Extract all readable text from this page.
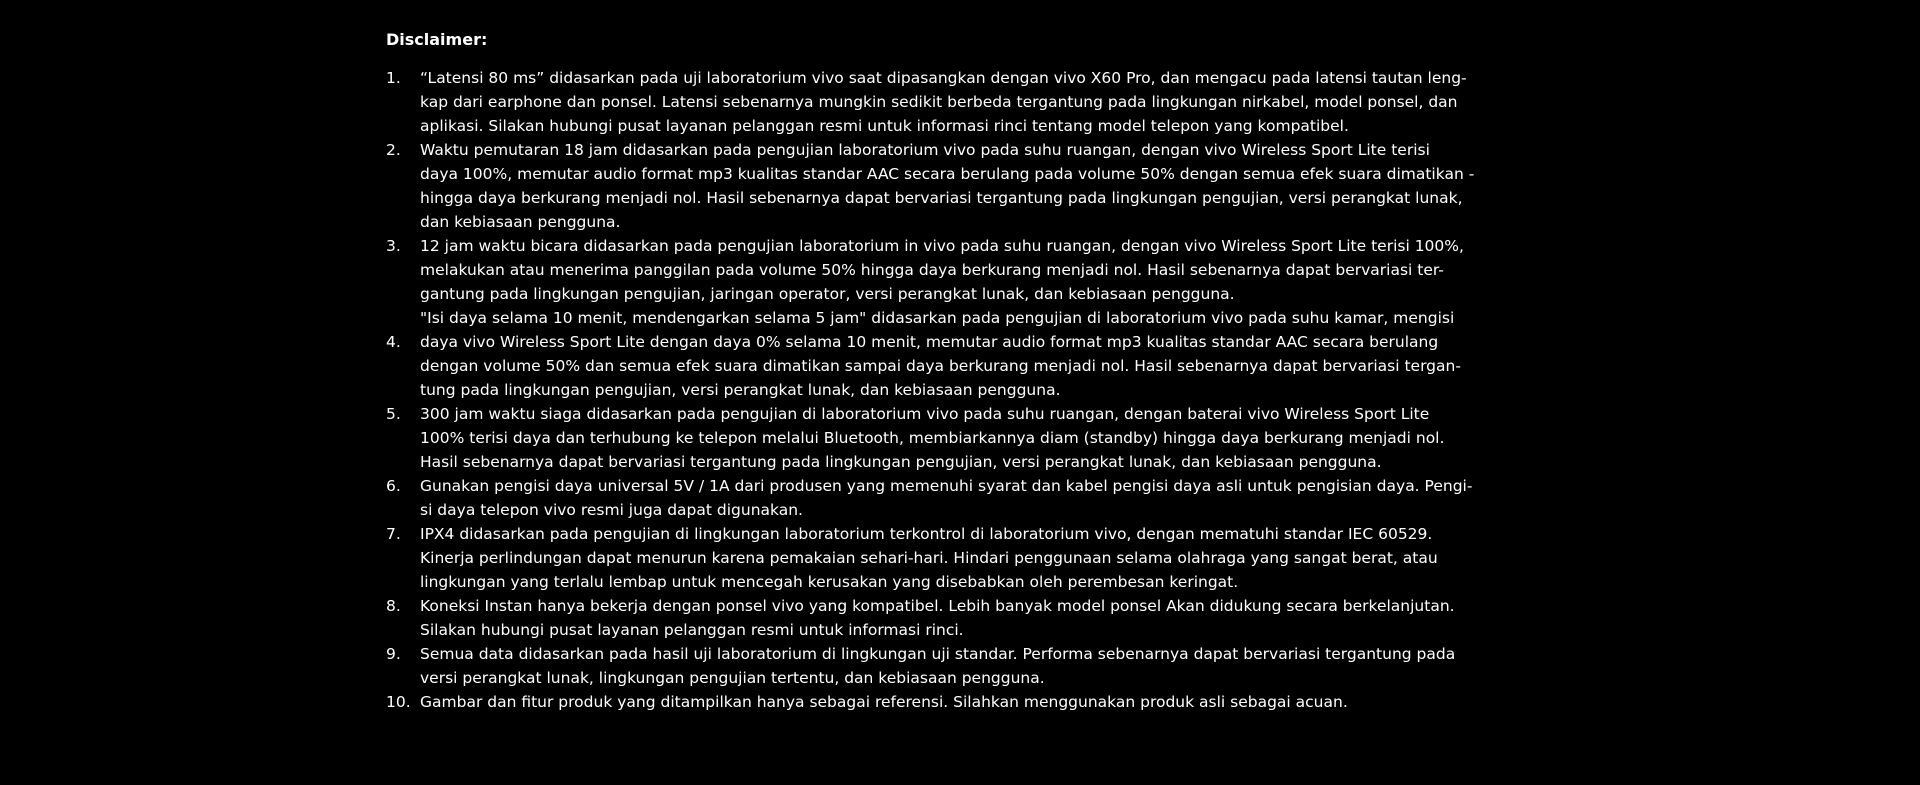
Disclaimer:
1. “Latensi 80 ms” didasarkan pada uji laboratorium vivo saat dipasangkan dengan vivo X60 Pro, dan mengacu pada latensi tautan leng-
kap dari earphone dan ponsel. Latensi sebenarnya mungkin sedikit berbeda tergantung pada lingkungan nirkabel, model ponsel, dan
aplikasi. Silakan hubungi pusat layanan pelanggan resmi untuk informasi rinci tentang model telepon yang kompatibel.
2. Waktu pemutaran 18 jam didasarkan pada pengujian laboratorium vivo pada suhu ruangan, dengan vivo Wireless Sport Lite terisi
daya 100%, memutar audio format mp3 kualitas standar AAC secara berulang pada volume 50% dengan semua efek suara dimatikan -
hingga daya berkurang menjadi nol. Hasil sebenarnya dapat bervariasi tergantung pada lingkungan pengujian, versi perangkat lunak,
dan kebiasaan pengguna.
3. 12 jam waktu bicara didasarkan pada pengujian laboratorium in vivo pada suhu ruangan, dengan vivo Wireless Sport Lite terisi 100%,
melakukan atau menerima panggilan pada volume 50% hingga daya berkurang menjadi nol. Hasil sebenarnya dapat bervariasi ter-
gantung pada lingkungan pengujian, jaringan operator, versi perangkat lunak, dan kebiasaan pengguna.
4.
"Isi daya selama 10 menit, mendengarkan selama 5 jam" didasarkan pada pengujian di laboratorium vivo pada suhu kamar, mengisi
daya vivo Wireless Sport Lite dengan daya 0% selama 10 menit, memutar audio format mp3 kualitas standar AAC secara berulang
dengan volume 50% dan semua efek suara dimatikan sampai daya berkurang menjadi nol. Hasil sebenarnya dapat bervariasi tergan-
tung pada lingkungan pengujian, versi perangkat lunak, dan kebiasaan pengguna.
5. 300 jam waktu siaga didasarkan pada pengujian di laboratorium vivo pada suhu ruangan, dengan baterai vivo Wireless Sport Lite
100% terisi daya dan terhubung ke telepon melalui Bluetooth, membiarkannya diam (standby) hingga daya berkurang menjadi nol.
Hasil sebenarnya dapat bervariasi tergantung pada lingkungan pengujian, versi perangkat lunak, dan kebiasaan pengguna.
6. Gunakan pengisi daya universal 5V / 1A dari produsen yang memenuhi syarat dan kabel pengisi daya asli untuk pengisian daya. Pengi-
si daya telepon vivo resmi juga dapat digunakan.
7. IPX4 didasarkan pada pengujian di lingkungan laboratorium terkontrol di laboratorium vivo, dengan mematuhi standar IEC 60529.
Kinerja perlindungan dapat menurun karena pemakaian sehari-hari. Hindari penggunaan selama olahraga yang sangat berat, atau
lingkungan yang terlalu lembap untuk mencegah kerusakan yang disebabkan oleh perembesan keringat.
8. Koneksi Instan hanya bekerja dengan ponsel vivo yang kompatibel. Lebih banyak model ponsel Akan didukung secara berkelanjutan.
Silakan hubungi pusat layanan pelanggan resmi untuk informasi rinci.
9. Semua data didasarkan pada hasil uji laboratorium di lingkungan uji standar. Performa sebenarnya dapat bervariasi tergantung pada
versi perangkat lunak, lingkungan pengujian tertentu, dan kebiasaan pengguna.
10. Gambar dan fitur produk yang ditampilkan hanya sebagai referensi. Silahkan menggunakan produk asli sebagai acuan.
